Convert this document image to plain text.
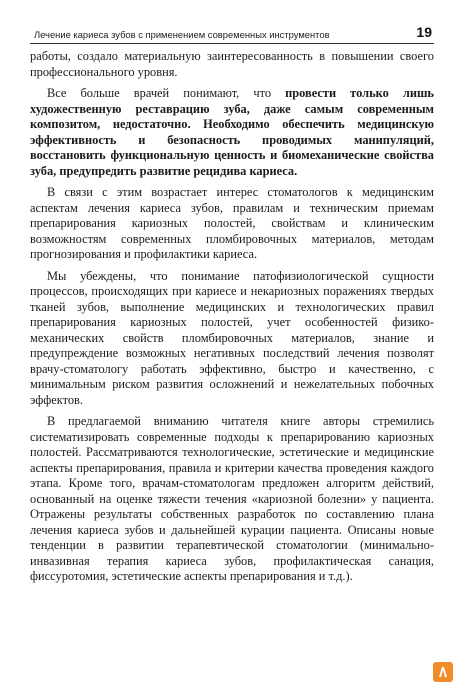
Лечение кариеса зубов с применением современных инструментов	19

работы, создало материальную заинтересованность в повышении своего профессионального уровня.

Все больше врачей понимают, что провести только лишь художественную реставрацию зуба, даже самым современным композитом, недостаточно. Необходимо обеспечить медицинскую эффективность и безопасность проводимых манипуляций, восстановить функциональную ценность и биомеханические свойства зуба, предупредить развитие рецидива кариеса.

В связи с этим возрастает интерес стоматологов к медицинским аспектам лечения кариеса зубов, правилам и техническим приемам препарирования кариозных полостей, свойствам и клиническим возможностям современных пломбировочных материалов, методам прогнозирования и профилактики кариеса.

Мы убеждены, что понимание патофизиологической сущности процессов, происходящих при кариесе и некариозных поражениях твердых тканей зубов, выполнение медицинских и технологических правил препарирования кариозных полостей, учет особенностей физико-механических свойств пломбировочных материалов, знание и предупреждение возможных негативных последствий лечения позволят врачу-стоматологу работать эффективно, быстро и качественно, с минимальным риском развития осложнений и нежелательных побочных эффектов.

В предлагаемой вниманию читателя книге авторы стремились систематизировать современные подходы к препарированию кариозных полостей. Рассматриваются технологические, эстетические и медицинские аспекты препарирования, правила и критерии качества проведения каждого этапа. Кроме того, врачам-стоматологам предложен алгоритм действий, основанный на оценке тяжести течения «кариозной болезни» у пациента. Отражены результаты собственных разработок по составлению плана лечения кариеса зубов и дальнейшей курации пациента. Описаны новые тенденции в развитии терапевтической стоматологии (минимально-инвазивная терапия кариеса зубов, профилактическая санация, фиссуротомия, эстетические аспекты препарирования и т.д.).
